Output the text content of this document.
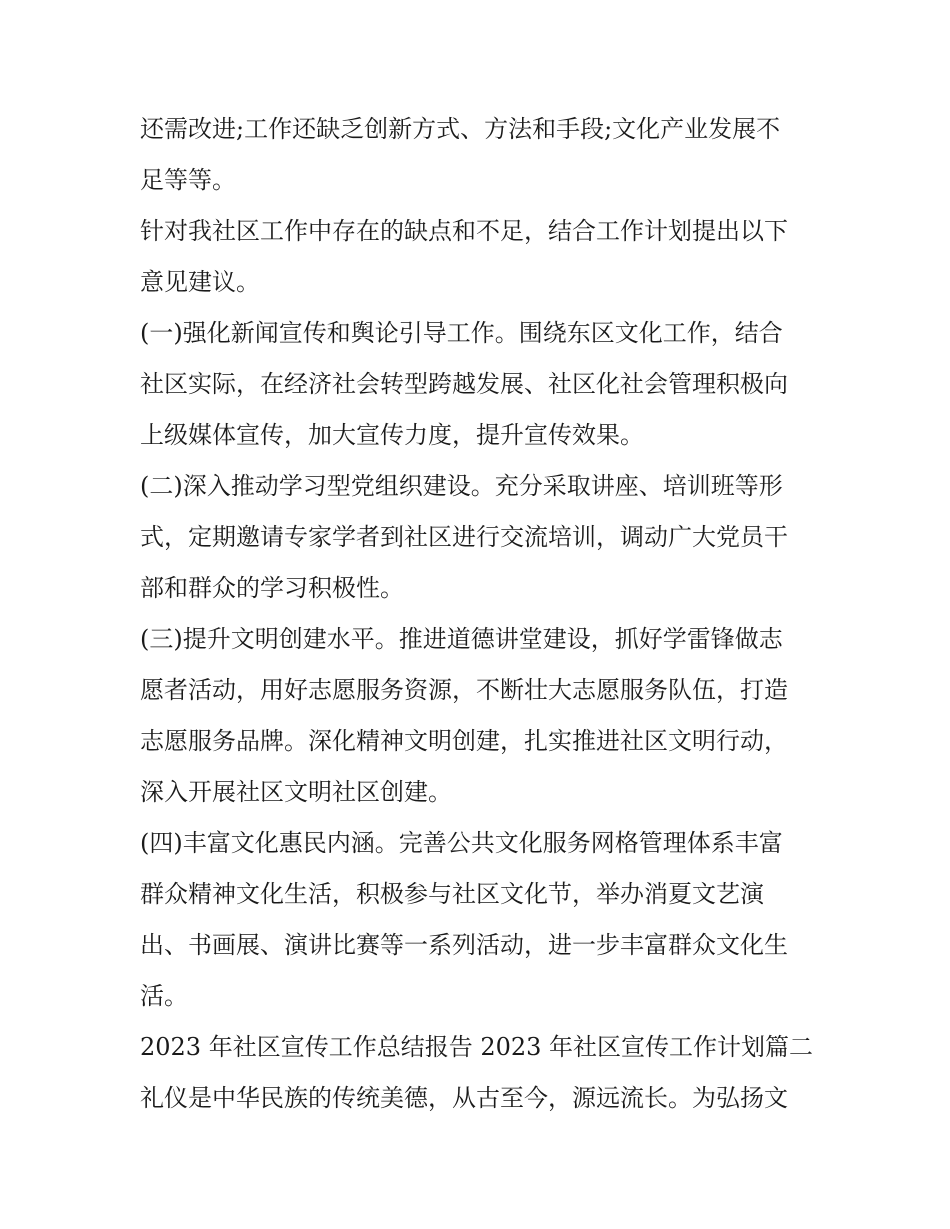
还需改进;工作还缺乏创新方式、方法和手段;文化产业发展不
足等等。
针对我社区工作中存在的缺点和不足，结合工作计划提出以下
意见建议。
(一)强化新闻宣传和舆论引导工作。围绕东区文化工作，结合
社区实际，在经济社会转型跨越发展、社区化社会管理积极向
上级媒体宣传，加大宣传力度，提升宣传效果。
(二)深入推动学习型党组织建设。充分采取讲座、培训班等形
式，定期邀请专家学者到社区进行交流培训，调动广大党员干
部和群众的学习积极性。
(三)提升文明创建水平。推进道德讲堂建设，抓好学雷锋做志
愿者活动，用好志愿服务资源，不断壮大志愿服务队伍，打造
志愿服务品牌。深化精神文明创建，扎实推进社区文明行动，
深入开展社区文明社区创建。
(四)丰富文化惠民内涵。完善公共文化服务网格管理体系丰富
群众精神文化生活，积极参与社区文化节，举办消夏文艺演
出、书画展、演讲比赛等一系列活动，进一步丰富群众文化生
活。
2023 年社区宣传工作总结报告 2023 年社区宣传工作计划篇二
礼仪是中华民族的传统美德，从古至今，源远流长。为弘扬文
